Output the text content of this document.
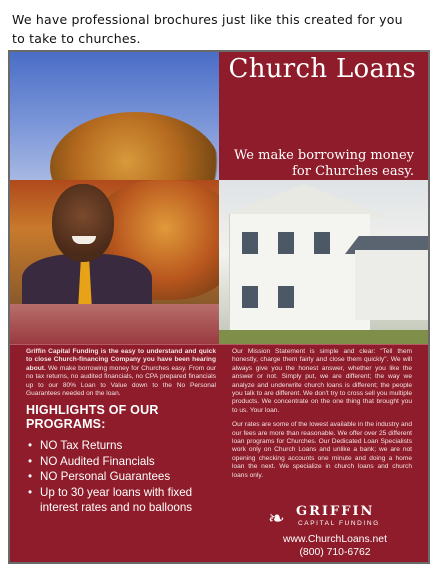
We have professional brochures just like this created for you
to take to churches.
Church Loans
We make borrowing money
for Churches easy.

Griffin Capital Funding is the easy to understand and quick to close Church-financing Company you have been hearing about. We make borrowing money for Churches easy. From our no tax returns, no audited financials, no CPA prepared financials up to our 80% Loan to Value down to the No Personal Guarantees needed on the loan.

Our Mission Statement is simple and clear: "Tell them honestly, charge them fairly and close them quickly". We will always give you the honest answer, whether you like the answer or not. Simply put, we are different; the way we analyze and underwrite church loans is different; the people you talk to are different. We don't try to cross sell you multiple products. We concentrate on the one thing that brought you to us. Your loan.

Our rates are some of the lowest available in the industry and our fees are more than reasonable. We offer over 25 different loan programs for Churches. Our Dedicated Loan Specialists work only on Church Loans and unlike a bank; we are not opening checking accounts one minute and doing a home loan the next. We specialize in church loans and church loans only.

HIGHLIGHTS OF OUR PROGRAMS:
• NO Tax Returns
• NO Audited Financials
• NO Personal Guarantees
• Up to 30 year loans with fixed interest rates and no balloons	❧ GRIFFIN
CAPITAL FUNDING
www.ChurchLoans.net
(800) 710-6762
